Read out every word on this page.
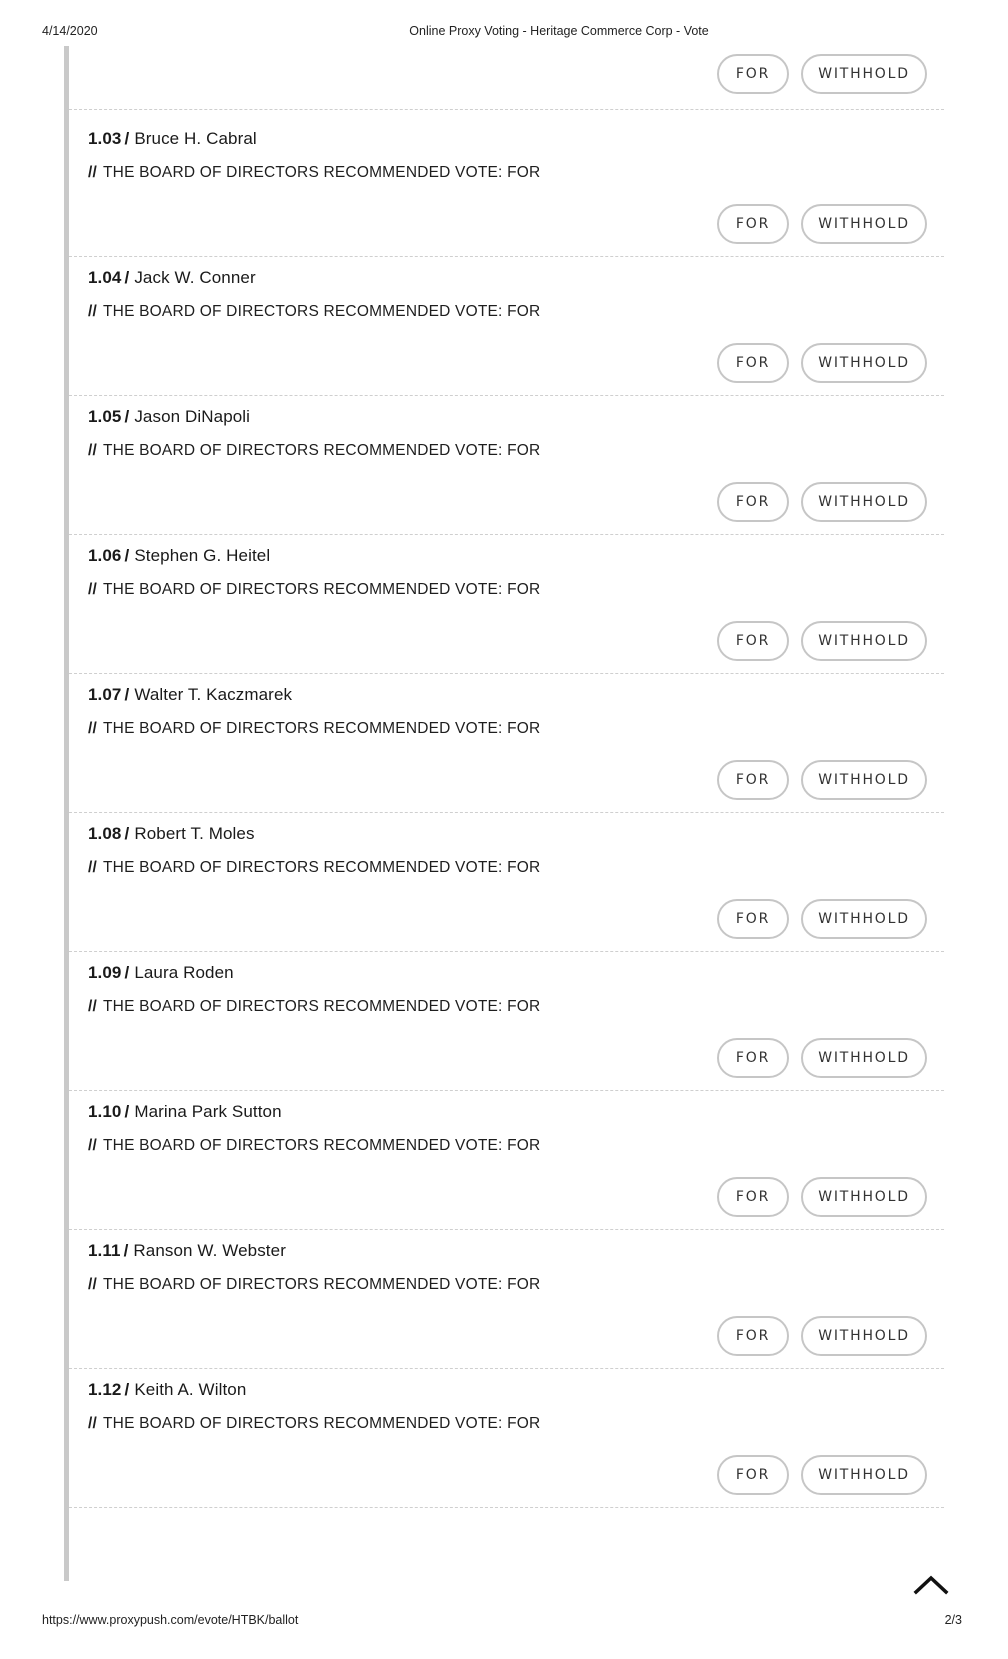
4/14/2020	Online Proxy Voting - Heritage Commerce Corp - Vote
FOR	WITHHOLD
1.03 / Bruce H. Cabral
// THE BOARD OF DIRECTORS RECOMMENDED VOTE: FOR
FOR	WITHHOLD
1.04 / Jack W. Conner
// THE BOARD OF DIRECTORS RECOMMENDED VOTE: FOR
FOR	WITHHOLD
1.05 / Jason DiNapoli
// THE BOARD OF DIRECTORS RECOMMENDED VOTE: FOR
FOR	WITHHOLD
1.06 / Stephen G. Heitel
// THE BOARD OF DIRECTORS RECOMMENDED VOTE: FOR
FOR	WITHHOLD
1.07 / Walter T. Kaczmarek
// THE BOARD OF DIRECTORS RECOMMENDED VOTE: FOR
FOR	WITHHOLD
1.08 / Robert T. Moles
// THE BOARD OF DIRECTORS RECOMMENDED VOTE: FOR
FOR	WITHHOLD
1.09 / Laura Roden
// THE BOARD OF DIRECTORS RECOMMENDED VOTE: FOR
FOR	WITHHOLD
1.10 / Marina Park Sutton
// THE BOARD OF DIRECTORS RECOMMENDED VOTE: FOR
FOR	WITHHOLD
1.11 / Ranson W. Webster
// THE BOARD OF DIRECTORS RECOMMENDED VOTE: FOR
FOR	WITHHOLD
1.12 / Keith A. Wilton
// THE BOARD OF DIRECTORS RECOMMENDED VOTE: FOR
FOR	WITHHOLD
https://www.proxypush.com/evote/HTBK/ballot	2/3
